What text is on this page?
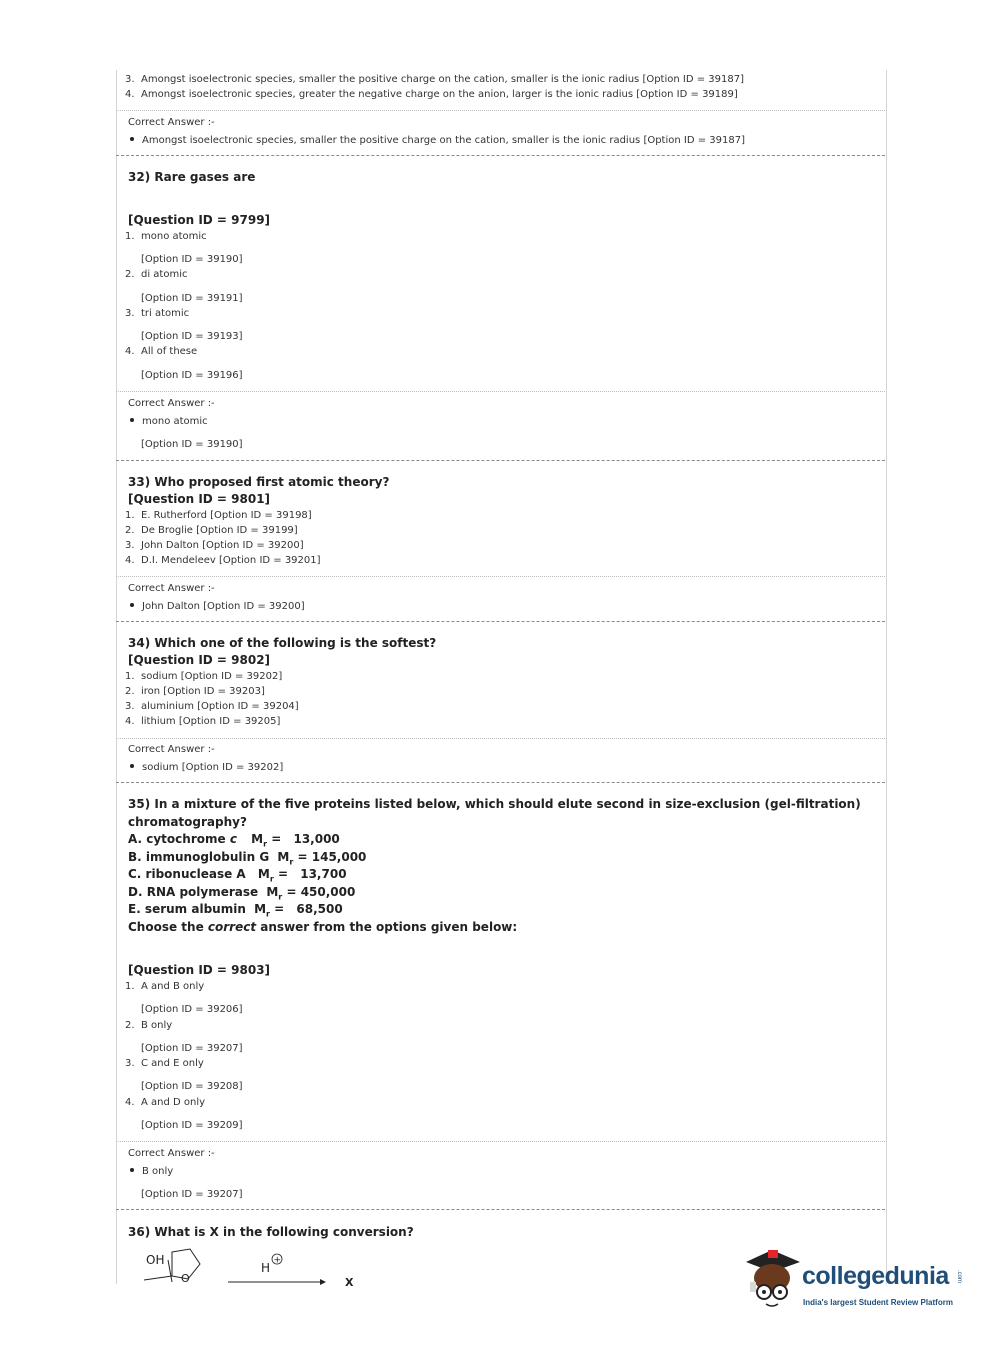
3. Amongst isoelectronic species, smaller the positive charge on the cation, smaller is the ionic radius [Option ID = 39187]
4. Amongst isoelectronic species, greater the negative charge on the anion, larger is the ionic radius [Option ID = 39189]
Correct Answer :-
Amongst isoelectronic species, smaller the positive charge on the cation, smaller is the ionic radius [Option ID = 39187]
32) Rare gases are
[Question ID = 9799]
1. mono atomic
[Option ID = 39190]
2. di atomic
[Option ID = 39191]
3. tri atomic
[Option ID = 39193]
4. All of these
[Option ID = 39196]
Correct Answer :-
mono atomic
[Option ID = 39190]
33) Who proposed first atomic theory?
[Question ID = 9801]
1. E. Rutherford [Option ID = 39198]
2. De Broglie [Option ID = 39199]
3. John Dalton [Option ID = 39200]
4. D.I. Mendeleev [Option ID = 39201]
Correct Answer :-
John Dalton [Option ID = 39200]
34) Which one of the following is the softest?
[Question ID = 9802]
1. sodium [Option ID = 39202]
2. iron [Option ID = 39203]
3. aluminium [Option ID = 39204]
4. lithium [Option ID = 39205]
Correct Answer :-
sodium [Option ID = 39202]
35) In a mixture of the five proteins listed below, which should elute second in size-exclusion (gel-filtration)
chromatography?
A. cytochrome c $M_r = 13,000$
B. immunoglobulin G $M_r = 145,000$
C. ribonuclease A $M_r = 13,700$
D. RNA polymerase $M_r = 450,000$
E. serum albumin $M_r = 68,500$
Choose the correct answer from the options given below:
[Question ID = 9803]
1. A and B only
[Option ID = 39206]
2. B only
[Option ID = 39207]
3. C and E only
[Option ID = 39208]
4. A and D only
[Option ID = 39209]
Correct Answer :-
B only
[Option ID = 39207]
36) What is X in the following conversion?
OH
O
H
+
X	collegedunia .com
India's largest Student Review Platform
